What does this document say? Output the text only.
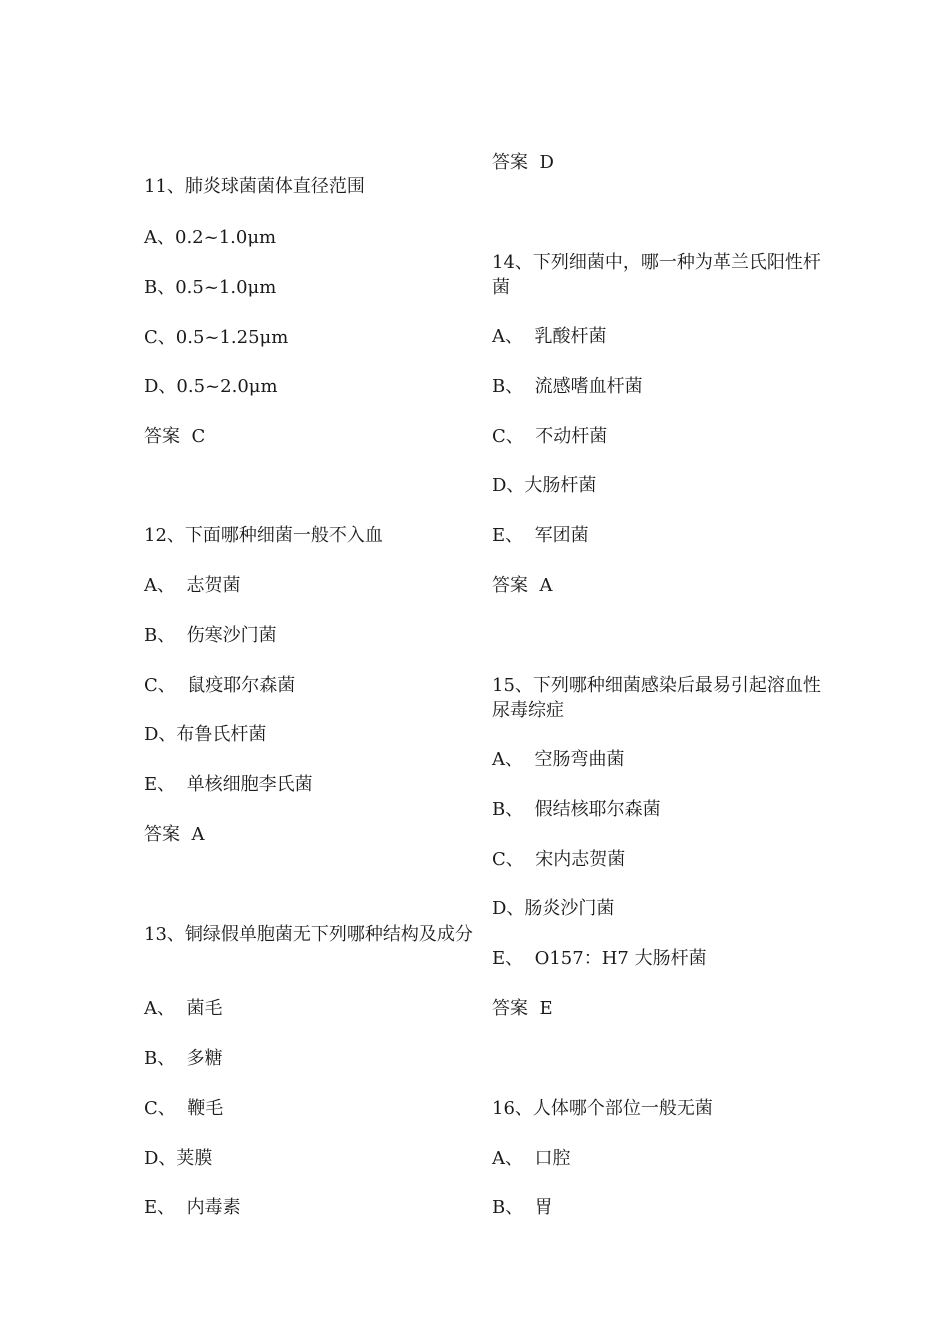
11、肺炎球菌菌体直径范围
A、0.2~1.0μm
B、0.5~1.0μm
C、0.5~1.25μm
D、0.5~2.0μm
答案  C
12、下面哪种细菌一般不入血
A、  志贺菌
B、  伤寒沙门菌
C、  鼠疫耶尔森菌
D、布鲁氏杆菌
E、  单核细胞李氏菌
答案  A
13、铜绿假单胞菌无下列哪种结构及成分
A、  菌毛
B、  多糖
C、  鞭毛
D、荚膜
E、  内毒素
答案  D
14、下列细菌中，哪一种为革兰氏阳性杆菌
A、  乳酸杆菌
B、  流感嗜血杆菌
C、  不动杆菌
D、大肠杆菌
E、  军团菌
答案  A
15、下列哪种细菌感染后最易引起溶血性尿毒综症
A、  空肠弯曲菌
B、  假结核耶尔森菌
C、  宋内志贺菌
D、肠炎沙门菌
E、  O157：H7 大肠杆菌
答案  E
16、人体哪个部位一般无菌
A、  口腔
B、  胃
